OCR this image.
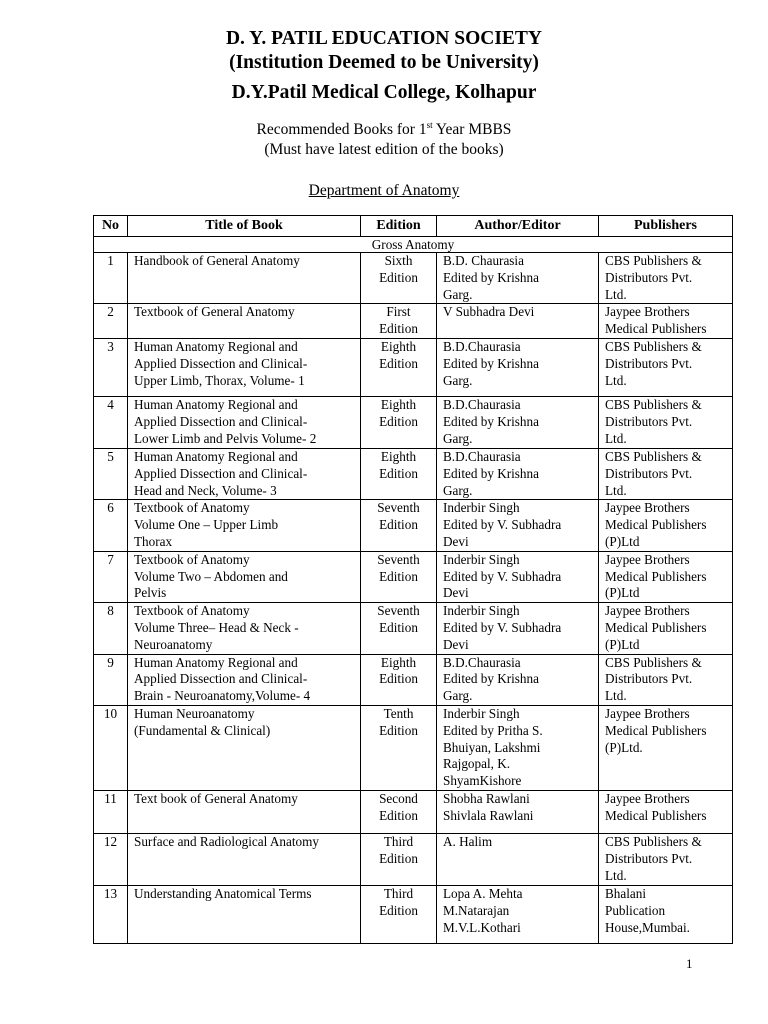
D. Y. PATIL EDUCATION SOCIETY
(Institution Deemed to be University)
D.Y.Patil Medical College, Kolhapur
Recommended Books for 1st Year MBBS
(Must have latest edition of the books)
Department of Anatomy
No	Title of Book	Edition	Author/Editor	Publishers
Gross Anatomy				
1	Handbook of General Anatomy	Sixth
Edition	B.D. Chaurasia
Edited by Krishna
Garg.	CBS Publishers &
Distributors Pvt.
Ltd.

2	Textbook of General Anatomy	First
Edition	V Subhadra Devi	Jaypee Brothers
Medical Publishers

3	Human Anatomy Regional and
Applied Dissection and Clinical-
Upper Limb, Thorax, Volume- 1	Eighth
Edition	B.D.Chaurasia
Edited by Krishna
Garg.	CBS Publishers &
Distributors Pvt.
Ltd.

4	Human Anatomy Regional and
Applied Dissection and Clinical-
Lower Limb and Pelvis Volume- 2	Eighth
Edition	B.D.Chaurasia
Edited by Krishna
Garg.	CBS Publishers &
Distributors Pvt.
Ltd.

5	Human Anatomy Regional and
Applied Dissection and Clinical-
Head and Neck, Volume- 3	Eighth
Edition	B.D.Chaurasia
Edited by Krishna
Garg.	CBS Publishers &
Distributors Pvt.
Ltd.

6	Textbook of Anatomy
Volume One – Upper Limb
Thorax	Seventh
Edition	Inderbir Singh
Edited by V. Subhadra
Devi	Jaypee Brothers
Medical Publishers
(P)Ltd

7	Textbook of Anatomy
Volume Two – Abdomen and
Pelvis	Seventh
Edition	Inderbir Singh
Edited by V. Subhadra
Devi	Jaypee Brothers
Medical Publishers
(P)Ltd

8	Textbook of Anatomy
Volume Three– Head & Neck -
Neuroanatomy	Seventh
Edition	Inderbir Singh
Edited by V. Subhadra
Devi	Jaypee Brothers
Medical Publishers
(P)Ltd

9	Human Anatomy Regional and
Applied Dissection and Clinical-
Brain - Neuroanatomy,Volume- 4	Eighth
Edition	B.D.Chaurasia
Edited by Krishna
Garg.	CBS Publishers &
Distributors Pvt.
Ltd.

10	Human Neuroanatomy
(Fundamental & Clinical)	Tenth
Edition	Inderbir Singh
Edited by Pritha S.
Bhuiyan, Lakshmi
Rajgopal, K.
ShyamKishore	Jaypee Brothers
Medical Publishers
(P)Ltd.

11	Text book of General Anatomy	Second
Edition	Shobha Rawlani
Shivlala Rawlani	Jaypee Brothers
Medical Publishers

12	Surface and Radiological Anatomy	Third
Edition	A. Halim	CBS Publishers &
Distributors Pvt.
Ltd.

13	Understanding Anatomical Terms	Third
Edition	Lopa A. Mehta
M.Natarajan
M.V.L.Kothari	Bhalani
Publication
House,Mumbai.
1
